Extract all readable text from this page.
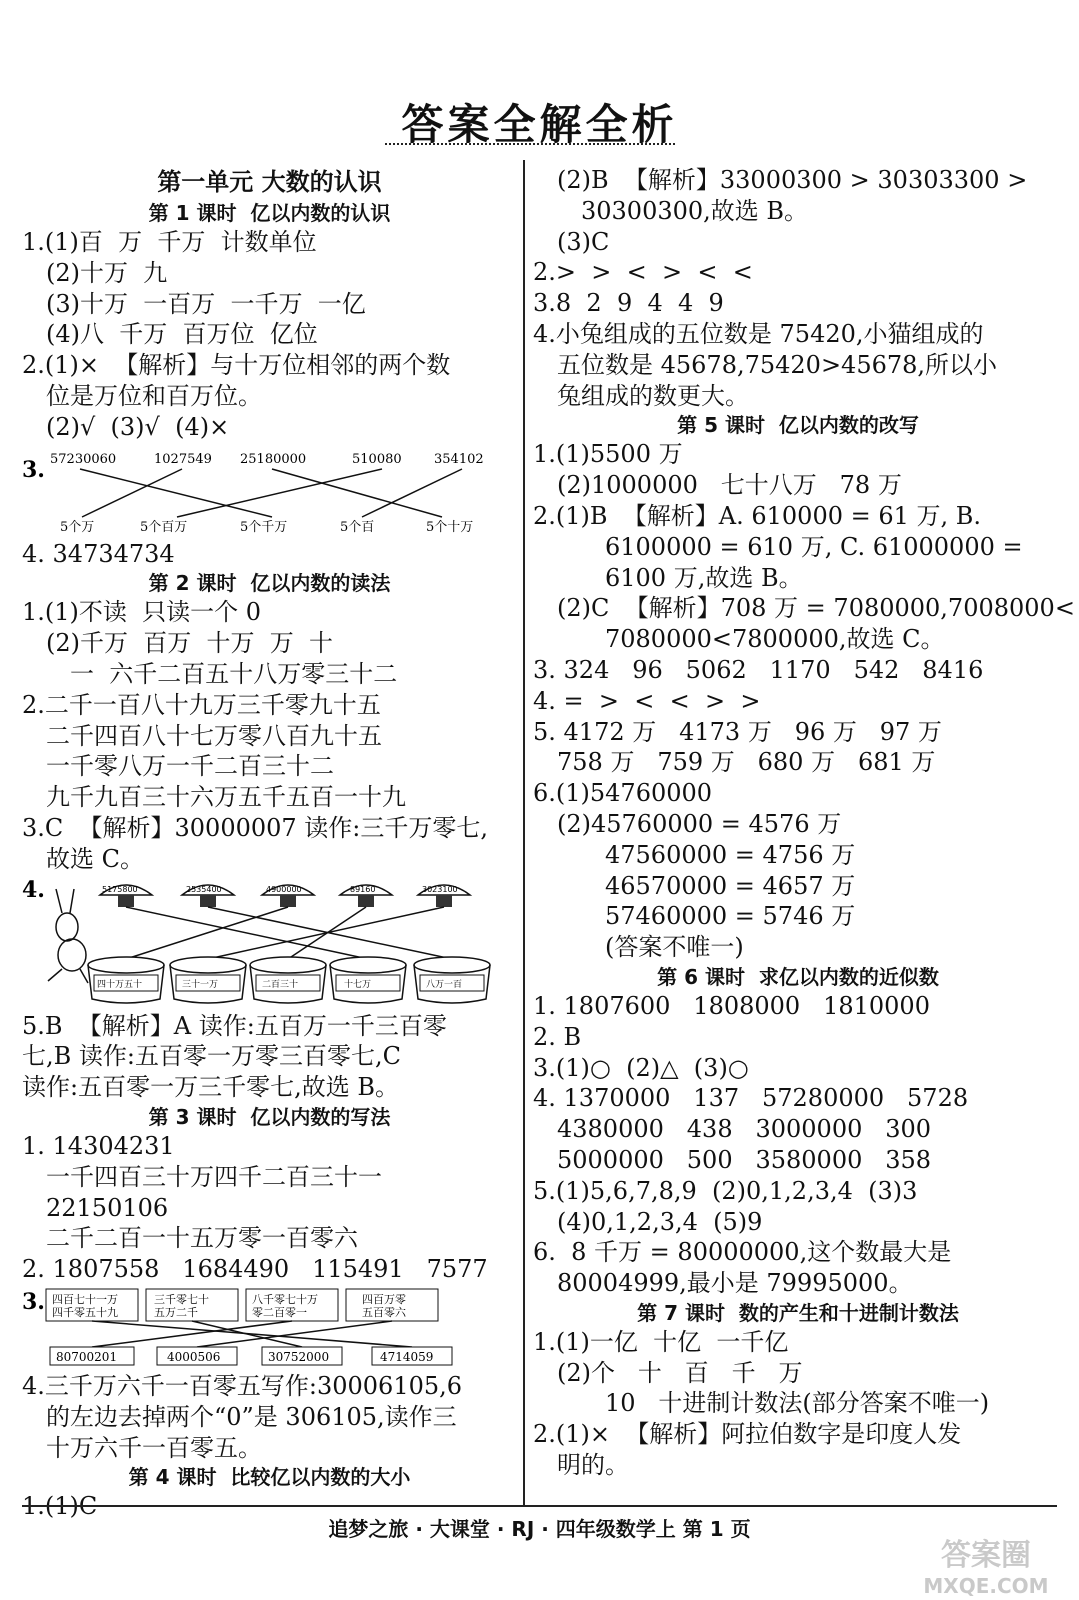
答案全解全析
第一单元 大数的认识
第 1 课时  亿以内数的认识
1.(1)百  万  千万  计数单位
(2)十万  九
(3)十万  一百万  一千万  一亿
(4)八  千万  百万位  亿位
2.(1)×  【解析】与十万位相邻的两个数
位是万位和百万位。
(2)√  (3)√  (4)×
3. 57230060	1027549 25180000	510080 354102
5个万	5个百万	5个千万	5个百	5个十万
4. 34734734
第 2 课时  亿以内数的读法
1.(1)不读  只读一个 0
(2)千万  百万  十万  万  十
一  六千二百五十八万零三十二
2.二千一百八十九万三千零九十五
二千四百八十七万零八百九十五
一千零八万一千二百三十二
九千九百三十六万五千五百一十九
3.C  【解析】30000007 读作:三千万零七,
故选 C。
4.	5175800	2535400	4900000	89160	3023100
四十万五十	三十一万	二百三十	十七万	八万一百
5.B  【解析】A 读作:五百万一千三百零
七,B 读作:五百零一万零三百零七,C
读作:五百零一万三千零七,故选 B。
第 3 课时  亿以内数的写法
1. 14304231
一千四百三十万四千二百三十一
22150106
二千二百一十五万零一百零六
2. 1807558   1684490   115491   7577
3. 四百七十一万四千零五十九
三千零七十五万二千
八千零七十万零二百零一
四百万零五百零六
80700201	4000506	30752000	4714059
4.三千万六千一百零五写作:30006105,6
的左边去掉两个“0”是 306105,读作三
十万六千一百零五。
第 4 课时  比较亿以内数的大小
1.(1)C
(2)B  【解析】33000300 > 30303300 >
30300300,故选 B。
(3)C
2.>  >  <  >  <  <
3.8  2  9  4  4  9
4.小兔组成的五位数是 75420,小猫组成的
五位数是 45678,75420>45678,所以小
兔组成的数更大。
第 5 课时  亿以内数的改写
1.(1)5500 万
(2)1000000   七十八万   78 万
2.(1)B  【解析】A. 610000 = 61 万, B.
6100000 = 610 万, C. 61000000 =
6100 万,故选 B。
(2)C  【解析】708 万 = 7080000,7008000<
7080000<7800000,故选 C。
3. 324   96   5062   1170   542   8416
4. =  >  <  <  >  >
5. 4172 万   4173 万   96 万   97 万
758 万   759 万   680 万   681 万
6.(1)54760000
(2)45760000 = 4576 万
47560000 = 4756 万
46570000 = 4657 万
57460000 = 5746 万
(答案不唯一)
第 6 课时  求亿以内数的近似数
1. 1807600   1808000   1810000
2. B
3.(1)○  (2)△  (3)○
4. 1370000   137   57280000   5728
4380000   438   3000000   300
5000000   500   3580000   358
5.(1)5,6,7,8,9  (2)0,1,2,3,4  (3)3
(4)0,1,2,3,4  (5)9
6.  8 千万 = 80000000,这个数最大是
80004999,最小是 79995000。
第 7 课时  数的产生和十进制计数法
1.(1)一亿  十亿  一千亿
(2)个   十   百   千   万
10   十进制计数法(部分答案不唯一)
2.(1)×  【解析】阿拉伯数字是印度人发
明的。
追梦之旅 · 大课堂 · RJ · 四年级数学上 第 1 页
答案圈
MXQE.COM
